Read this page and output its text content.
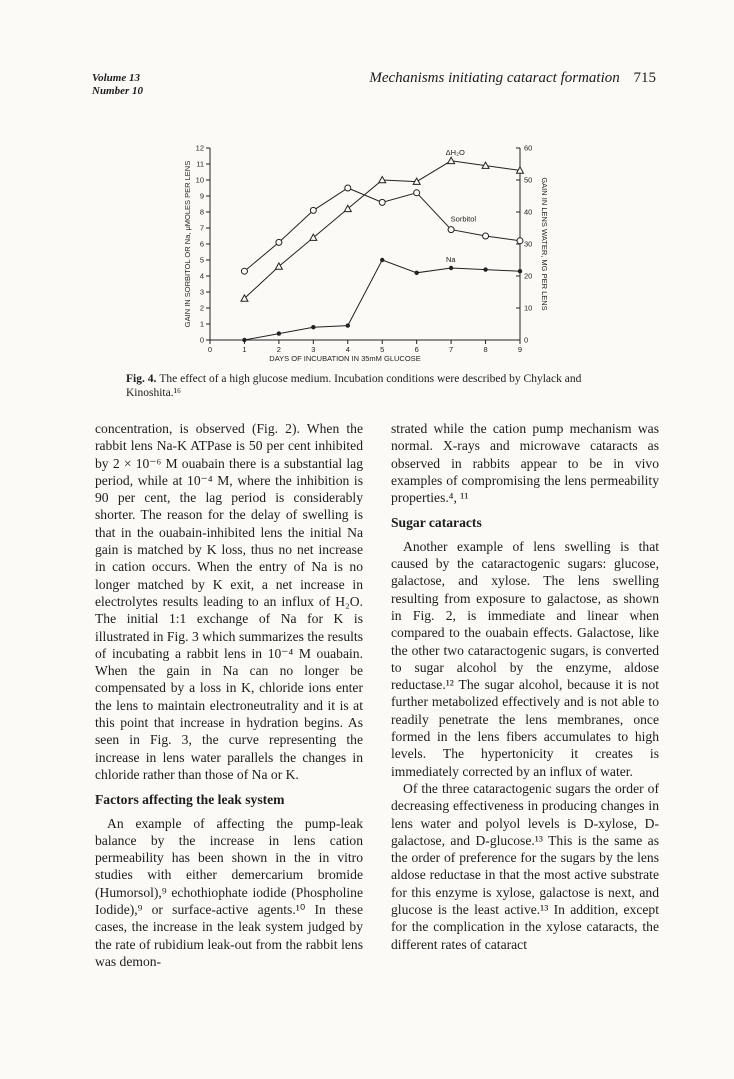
Volume 13
Number 10
Mechanisms initiating cataract formation 715
0	1	2	3	4	5	6	7	8	9
0
1
2
3
4
5
6
7
8
9
10
11
12
0
10
20
30
40
50
60
DAYS OF INCUBATION IN 35mM GLUCOSE
GAIN IN SORBITOL OR Na, μMOLES PER LENS	GAIN IN LENS WATER, MG PER LENS
ΔH₂O
Sorbitol
Na
Fig. 4. The effect of a high glucose medium. Incubation conditions were described by Chylack and Kinoshita.¹⁶

concentration, is observed (Fig. 2). When the rabbit lens Na-K ATPase is 50 per cent inhibited by 2 × 10⁻⁶ M ouabain there is a substantial lag period, while at 10⁻⁴ M, where the inhibition is 90 per cent, the lag period is considerably shorter. The reason for the delay of swelling is that in the ouabain-inhibited lens the initial Na gain is matched by K loss, thus no net increase in cation occurs. When the entry of Na is no longer matched by K exit, a net increase in electrolytes results leading to an influx of H₂O. The initial 1:1 exchange of Na for K is illustrated in Fig. 3 which summarizes the results of incubating a rabbit lens in 10⁻⁴ M ouabain. When the gain in Na can no longer be compensated by a loss in K, chloride ions enter the lens to maintain electroneutrality and it is at this point that increase in hydration begins. As seen in Fig. 3, the curve representing the increase in lens water parallels the changes in chloride rather than those of Na or K.

Factors affecting the leak system

An example of affecting the pump-leak balance by the increase in lens cation permeability has been shown in the in vitro studies with either demercarium bromide (Humorsol),⁹ echothiophate iodide (Phospholine Iodide),⁹ or surface-active agents.¹⁰ In these cases, the increase in the leak system judged by the rate of rubidium leak-out from the rabbit lens was demon-

strated while the cation pump mechanism was normal. X-rays and microwave cataracts as observed in rabbits appear to be in vivo examples of compromising the lens permeability properties.⁴, ¹¹

Sugar cataracts

Another example of lens swelling is that caused by the cataractogenic sugars: glucose, galactose, and xylose. The lens swelling resulting from exposure to galactose, as shown in Fig. 2, is immediate and linear when compared to the ouabain effects. Galactose, like the other two cataractogenic sugars, is converted to sugar alcohol by the enzyme, aldose reductase.¹² The sugar alcohol, because it is not further metabolized effectively and is not able to readily penetrate the lens membranes, once formed in the lens fibers accumulates to high levels. The hypertonicity it creates is immediately corrected by an influx of water.

Of the three cataractogenic sugars the order of decreasing effectiveness in producing changes in lens water and polyol levels is D-xylose, D-galactose, and D-glucose.¹³ This is the same as the order of preference for the sugars by the lens aldose reductase in that the most active substrate for this enzyme is xylose, galactose is next, and glucose is the least active.¹³ In addition, except for the complication in the xylose cataracts, the different rates of cataract
